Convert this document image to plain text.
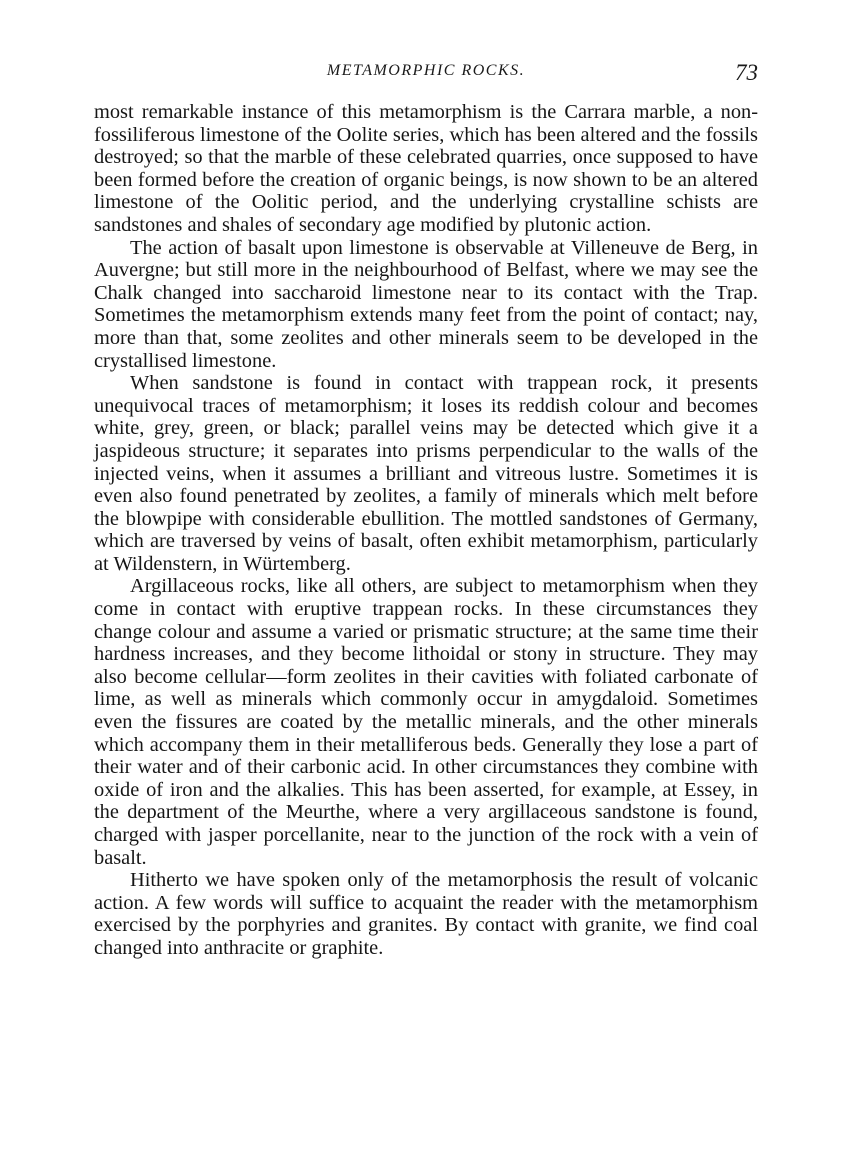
METAMORPHIC ROCKS.	73

most remarkable instance of this metamorphism is the Carrara marble, a non-fossiliferous limestone of the Oolite series, which has been altered and the fossils destroyed; so that the marble of these celebrated quarries, once supposed to have been formed before the creation of organic beings, is now shown to be an altered limestone of the Oolitic period, and the underlying crystalline schists are sandstones and shales of secondary age modified by plutonic action.

The action of basalt upon limestone is observable at Villeneuve de Berg, in Auvergne; but still more in the neighbourhood of Belfast, where we may see the Chalk changed into saccharoid limestone near to its contact with the Trap. Sometimes the metamorphism extends many feet from the point of contact; nay, more than that, some zeolites and other minerals seem to be developed in the crystallised limestone.

When sandstone is found in contact with trappean rock, it presents unequivocal traces of metamorphism; it loses its reddish colour and becomes white, grey, green, or black; parallel veins may be detected which give it a jaspideous structure; it separates into prisms perpendicular to the walls of the injected veins, when it assumes a brilliant and vitreous lustre. Sometimes it is even also found penetrated by zeolites, a family of minerals which melt before the blowpipe with considerable ebullition. The mottled sandstones of Germany, which are traversed by veins of basalt, often exhibit metamorphism, particularly at Wildenstern, in Würtemberg.

Argillaceous rocks, like all others, are subject to metamorphism when they come in contact with eruptive trappean rocks. In these circumstances they change colour and assume a varied or prismatic structure; at the same time their hardness increases, and they become lithoidal or stony in structure. They may also become cellular—form zeolites in their cavities with foliated carbonate of lime, as well as minerals which commonly occur in amygdaloid. Sometimes even the fissures are coated by the metallic minerals, and the other minerals which accompany them in their metalliferous beds. Generally they lose a part of their water and of their carbonic acid. In other circumstances they combine with oxide of iron and the alkalies. This has been asserted, for example, at Essey, in the department of the Meurthe, where a very argillaceous sandstone is found, charged with jasper porcellanite, near to the junction of the rock with a vein of basalt.

Hitherto we have spoken only of the metamorphosis the result of volcanic action. A few words will suffice to acquaint the reader with the metamorphism exercised by the porphyries and granites. By contact with granite, we find coal changed into anthracite or graphite.
